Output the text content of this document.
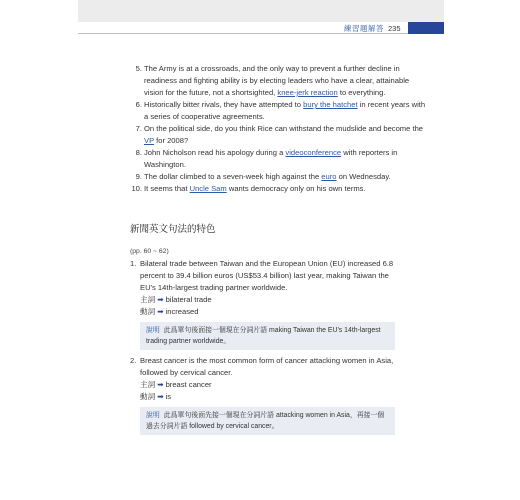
練習題解答 235
5. The Army is at a crossroads, and the only way to prevent a further decline in readiness and fighting ability is by electing leaders who have a clear, attainable vision for the future, not a shortsighted, knee-jerk reaction to everything.
6. Historically bitter rivals, they have attempted to bury the hatchet in recent years with a series of cooperative agreements.
7. On the political side, do you think Rice can withstand the mudslide and become the VP for 2008?
8. John Nicholson read his apology during a videoconference with reporters in Washington.
9. The dollar climbed to a seven-week high against the euro on Wednesday.
10. It seems that Uncle Sam wants democracy only on his own terms.
新聞英文句法的特色
(pp. 60 ~ 62)
1. Bilateral trade between Taiwan and the European Union (EU) increased 6.8 percent to 39.4 billion euros (US$53.4 billion) last year, making Taiwan the EU's 14th-largest trading partner worldwide.
主詞 ➡ bilateral trade
動詞 ➡ increased
說明 此爲單句後面接一個現在分詞片語 making Taiwan the EU's 14th-largest trading partner worldwide。
2. Breast cancer is the most common form of cancer attacking women in Asia, followed by cervical cancer.
主詞 ➡ breast cancer
動詞 ➡ is
說明 此爲單句後面先接一個現在分詞片語 attacking women in Asia，再接一個過去分詞片語 followed by cervical cancer。
